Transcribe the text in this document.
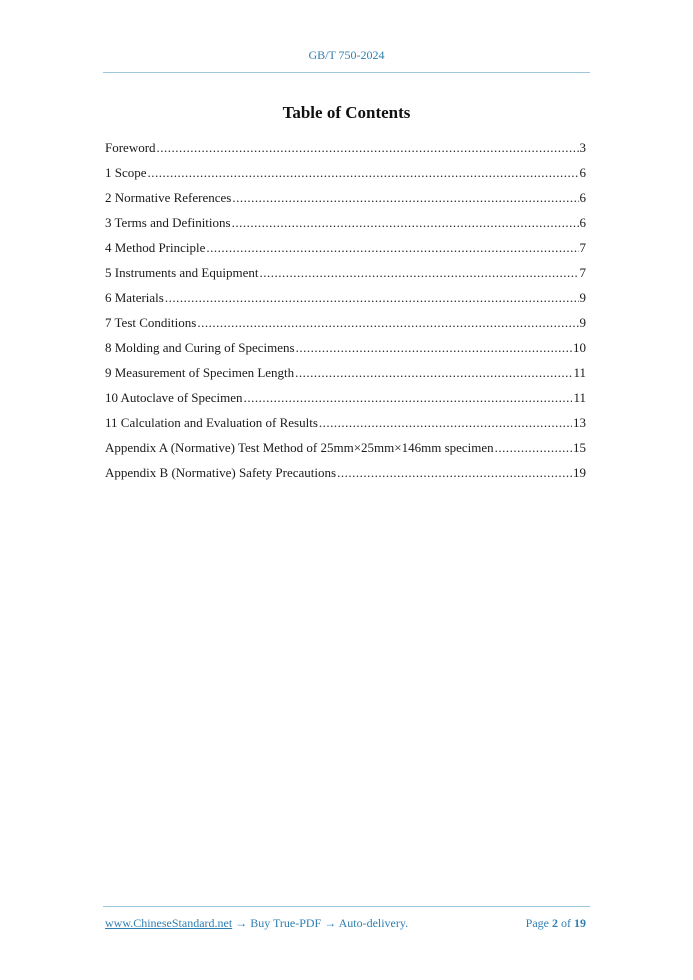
GB/T 750-2024
Table of Contents
Foreword .....	3
1 Scope .....	6
2 Normative References .....	6
3 Terms and Definitions .....	6
4 Method Principle .....	7
5 Instruments and Equipment .....	7
6 Materials .....	9
7 Test Conditions .....	9
8 Molding and Curing of Specimens .....	10
9 Measurement of Specimen Length .....	11
10 Autoclave of Specimen .....	11
11 Calculation and Evaluation of Results .....	13
Appendix A (Normative) Test Method of 25mm×25mm×146mm specimen .....	15
Appendix B (Normative) Safety Precautions .....	19
www.ChineseStandard.net → Buy True-PDF → Auto-delivery.	Page 2 of 19
